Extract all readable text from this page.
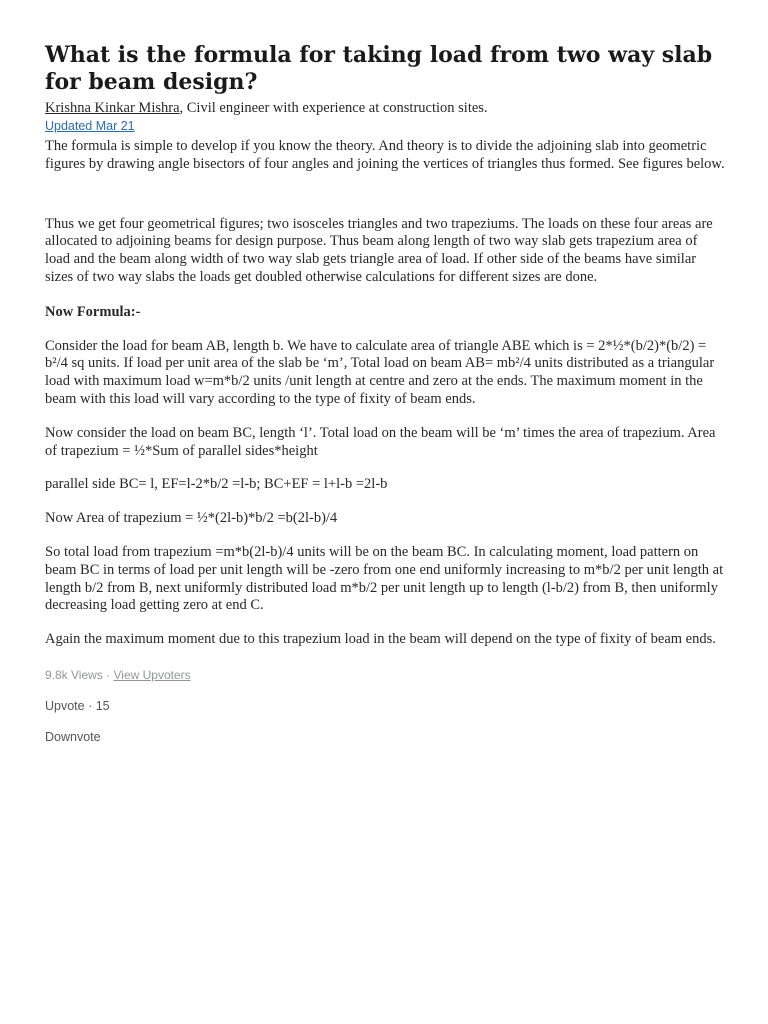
What is the formula for taking load from two way slab for beam design?
Krishna Kinkar Mishra, Civil engineer with experience at construction sites.
Updated Mar 21

The formula is simple to develop if you know the theory. And theory is to divide the adjoining slab into geometric figures by drawing angle bisectors of four angles and joining the vertices of triangles thus formed. See figures below.

Thus we get four geometrical figures; two isosceles triangles and two trapeziums. The loads on these four areas are allocated to adjoining beams for design purpose. Thus beam along length of two way slab gets trapezium area of load and the beam along width of two way slab gets triangle area of load. If other side of the beams have similar sizes of two way slabs the loads get doubled otherwise calculations for different sizes are done.

Now Formula:-

Consider the load for beam AB, length b. We have to calculate area of triangle ABE which is = 2*½*(b/2)*(b/2) = b²/4 sq units. If load per unit area of the slab be ‘m’, Total load on beam AB= mb²/4 units distributed as a triangular load with maximum load w=m*b/2 units /unit length at centre and zero at the ends. The maximum moment in the beam with this load will vary according to the type of fixity of beam ends.

Now consider the load on beam BC, length ‘l’. Total load on the beam will be ‘m’ times the area of trapezium. Area of trapezium = ½*Sum of parallel sides*height

parallel side BC= l, EF=l-2*b/2 =l-b; BC+EF = l+l-b =2l-b

Now Area of trapezium = ½*(2l-b)*b/2 =b(2l-b)/4

So total load from trapezium =m*b(2l-b)/4 units will be on the beam BC. In calculating moment, load pattern on beam BC in terms of load per unit length will be -zero from one end uniformly increasing to m*b/2 per unit length at length b/2 from B, next uniformly distributed load m*b/2 per unit length up to length (l-b/2) from B, then uniformly decreasing load getting zero at end C.

Again the maximum moment due to this trapezium load in the beam will depend on the type of fixity of beam ends.

9.8k Views · View Upvoters
Upvote · 15
Downvote
